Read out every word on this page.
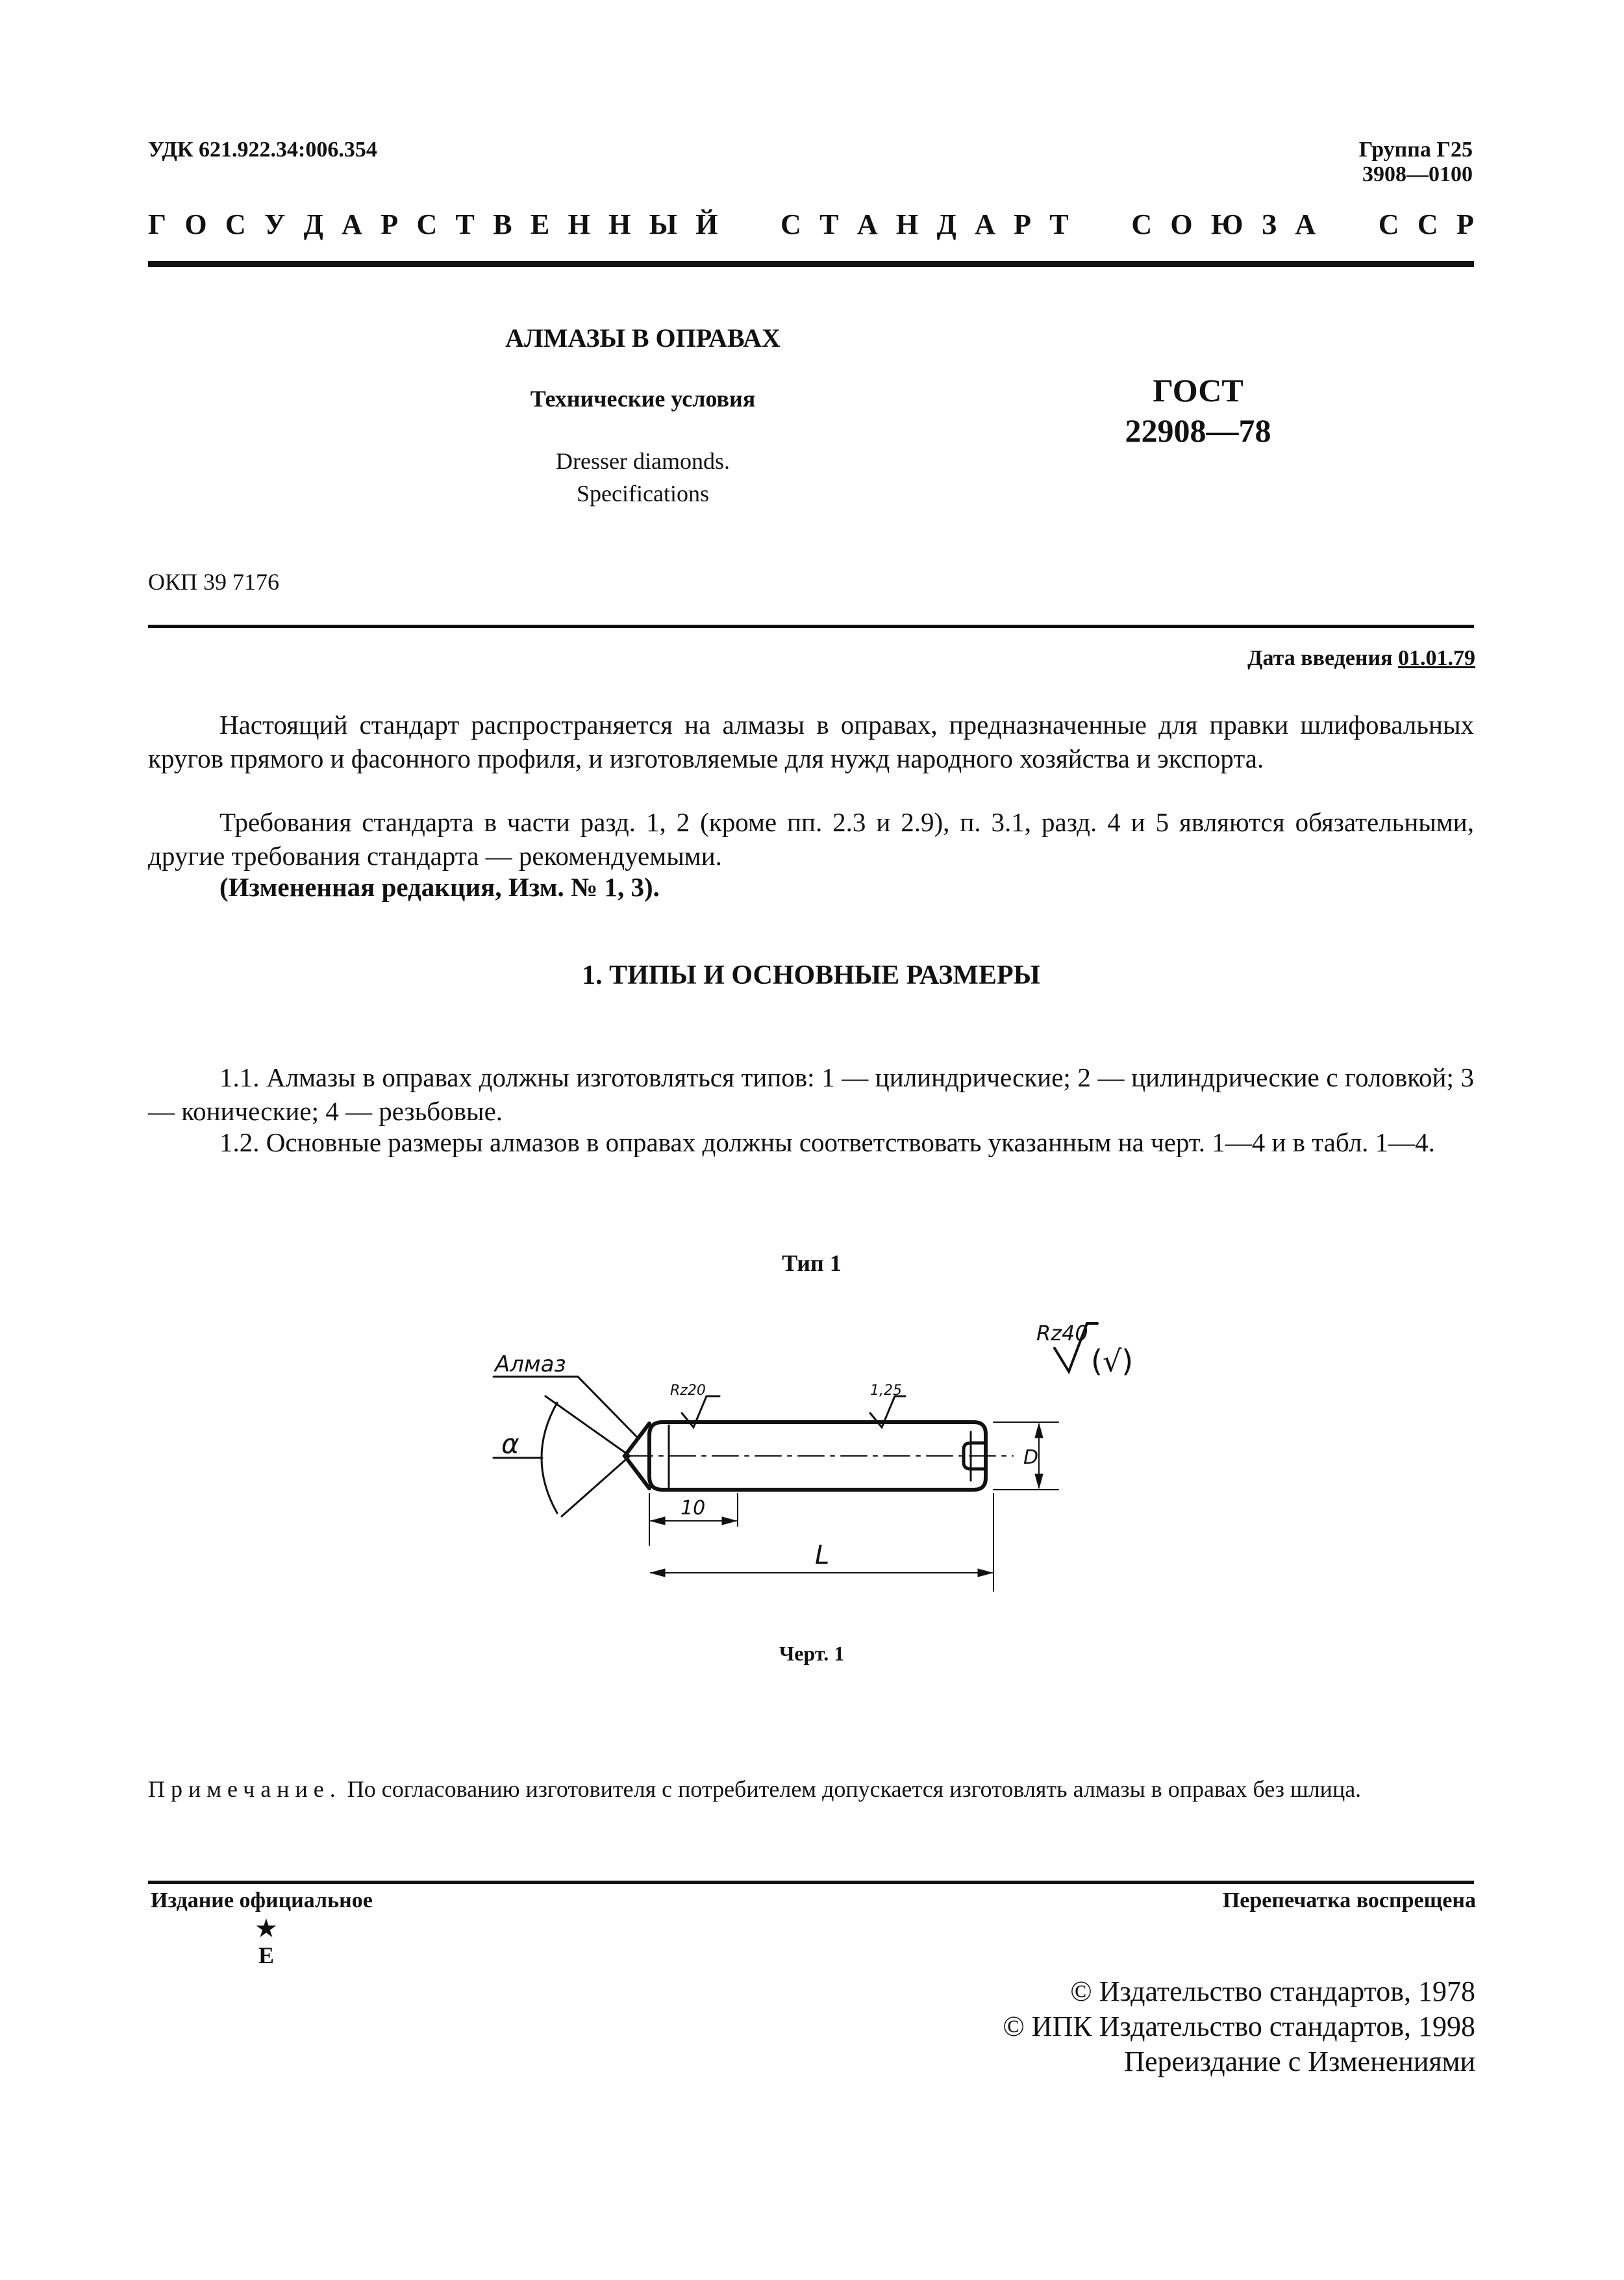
УДК 621.922.34:006.354	Группа Г25
3908—0100
Г О С У Д А Р С Т В Е Н Н Ы Й
С Т А Н Д А Р Т
С О Ю З А
С С Р
АЛМАЗЫ В ОПРАВАХ
Технические условия
Dresser diamonds.
Specifications
ГОСТ
22908—78
ОКП 39 7176
Дата введения 01.01.79
Настоящий стандарт распространяется на алмазы в оправах, предназначенные для правки шлифовальных кругов прямого и фасонного профиля, и изготовляемые для нужд народного хозяйства и экспорта.
Требования стандарта в части разд. 1, 2 (кроме пп. 2.3 и 2.9), п. 3.1, разд. 4 и 5 являются обязательными, другие требования стандарта — рекомендуемыми.
(Измененная редакция, Изм. № 1, 3).
1. ТИПЫ И ОСНОВНЫЕ РАЗМЕРЫ
1.1. Алмазы в оправах должны изготовляться типов: 1 — цилиндрические; 2 — цилиндрические с головкой; 3 — конические; 4 — резьбовые.
1.2. Основные размеры алмазов в оправах должны соответствовать указанным на черт. 1—4 и в табл. 1—4.
Тип 1
Алмаз
α
Rz20	1,25
Rz40
(√)
10
L
D
Черт. 1
Примечание. По согласованию изготовителя с потребителем допускается изготовлять алмазы в оправах без шлица.
Издание официальное	Перепечатка воспрещена
★
Е
© Издательство стандартов, 1978
© ИПК Издательство стандартов, 1998
Переиздание с Изменениями
